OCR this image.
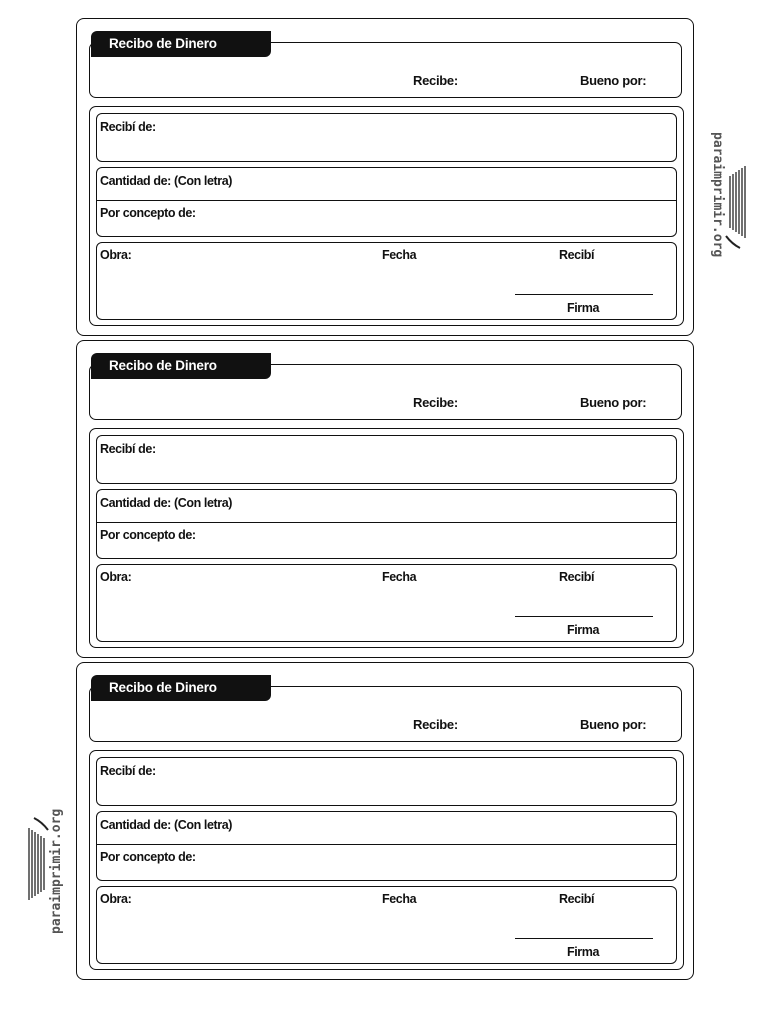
Recibo de Dinero
Recibe:	Bueno por:
Recibí de:
Cantidad de: (Con letra)
Por concepto de:
Obra:	Fecha	Recibí
Firma
Recibo de Dinero
Recibe:	Bueno por:
Recibí de:
Cantidad de: (Con letra)
Por concepto de:
Obra:	Fecha	Recibí
Firma
Recibo de Dinero
Recibe:	Bueno por:
Recibí de:
Cantidad de: (Con letra)
Por concepto de:
Obra:	Fecha	Recibí
Firma
paraimprimir.org
paraimprimir.org
